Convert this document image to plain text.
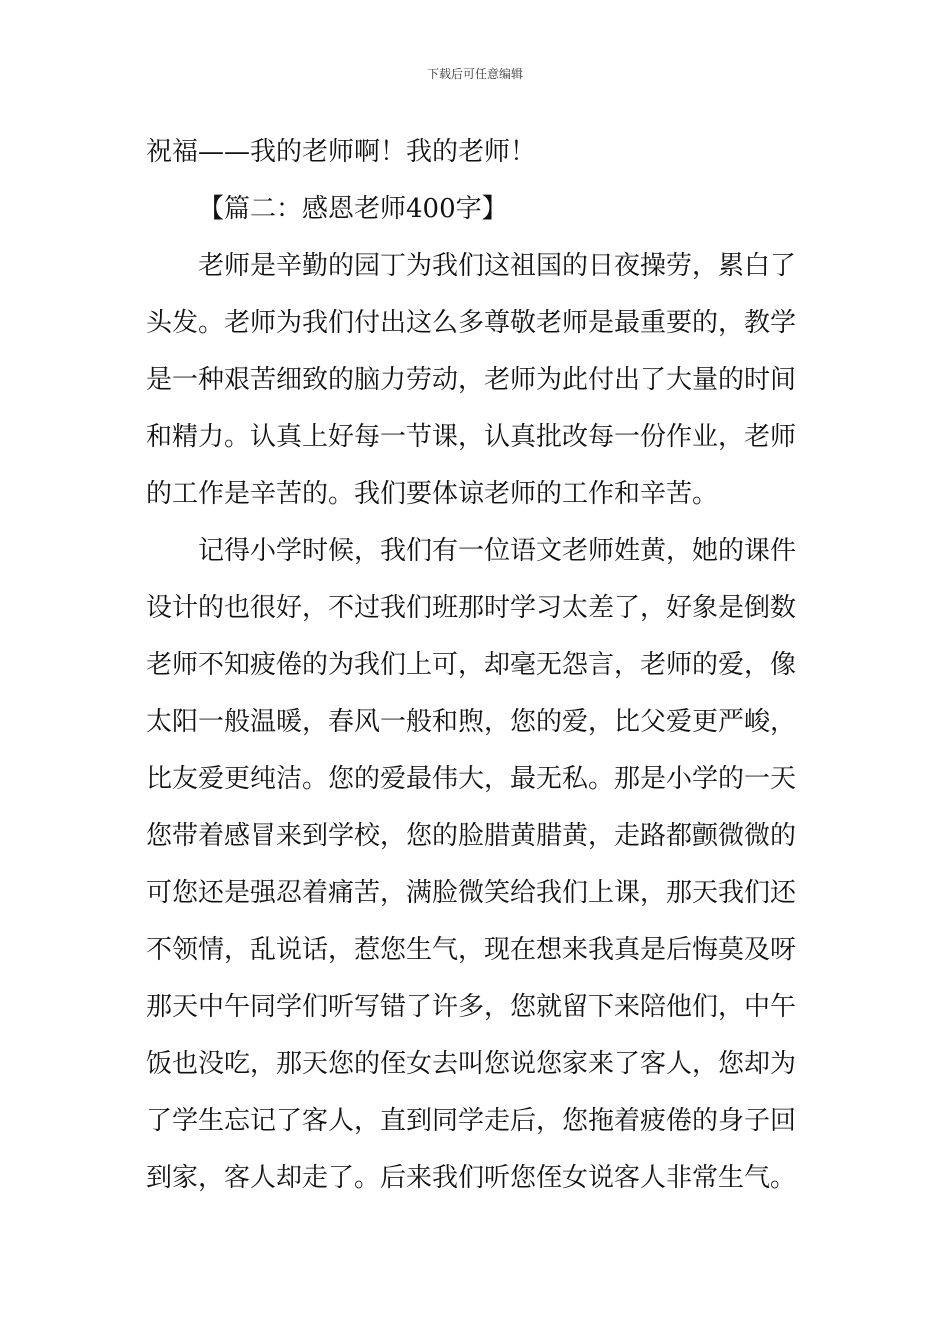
下载后可任意编辑
祝福——我的老师啊！我的老师！
【篇二：感恩老师400字】
老师是辛勤的园丁为我们这祖国的日夜操劳，累白了
头发。老师为我们付出这么多尊敬老师是最重要的，教学
是一种艰苦细致的脑力劳动，老师为此付出了大量的时间
和精力。认真上好每一节课，认真批改每一份作业，老师
的工作是辛苦的。我们要体谅老师的工作和辛苦。
记得小学时候，我们有一位语文老师姓黄，她的课件
设计的也很好，不过我们班那时学习太差了，好象是倒数
老师不知疲倦的为我们上可，却毫无怨言，老师的爱，像
太阳一般温暖，春风一般和煦，您的爱，比父爱更严峻，
比友爱更纯洁。您的爱最伟大，最无私。那是小学的一天
您带着感冒来到学校，您的脸腊黄腊黄，走路都颤微微的
可您还是强忍着痛苦，满脸微笑给我们上课，那天我们还
不领情，乱说话，惹您生气，现在想来我真是后悔莫及呀
那天中午同学们听写错了许多，您就留下来陪他们，中午
饭也没吃，那天您的侄女去叫您说您家来了客人，您却为
了学生忘记了客人，直到同学走后，您拖着疲倦的身子回
到家，客人却走了。后来我们听您侄女说客人非常生气。
